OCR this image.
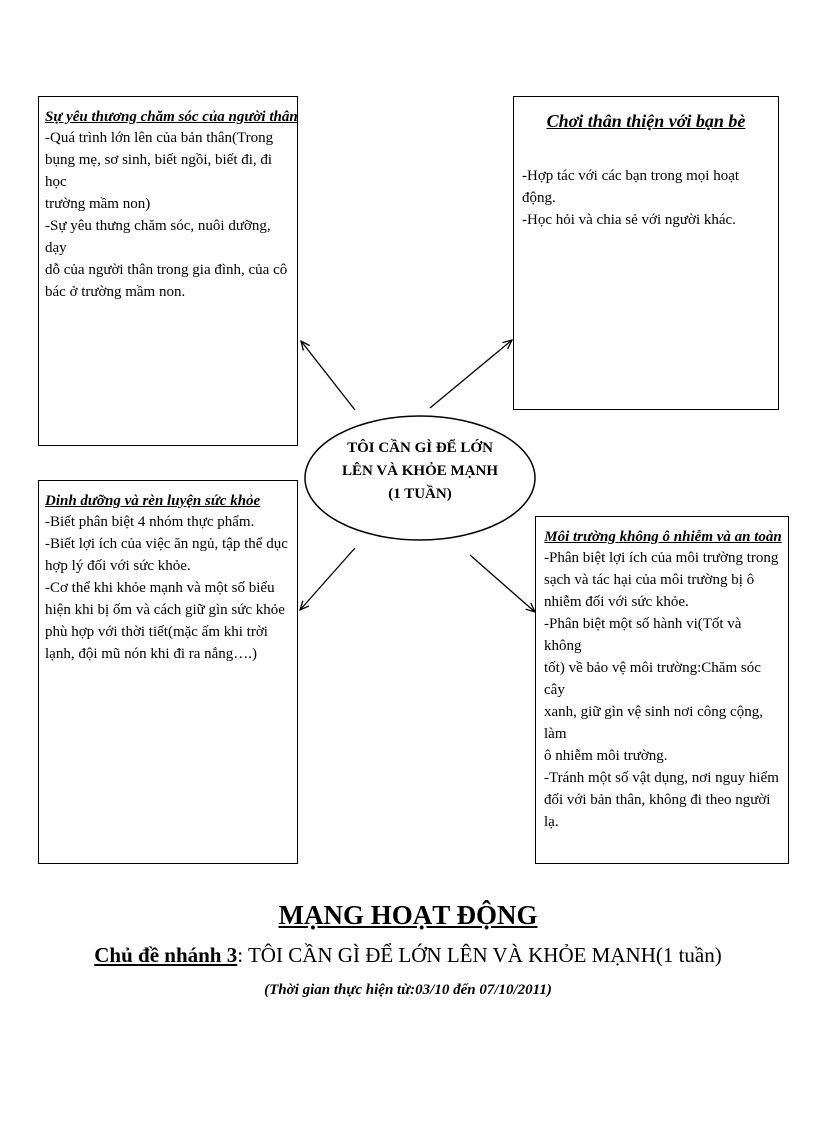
TÔI CẦN GÌ ĐỂ LỚN
LÊN VÀ KHỎE MẠNH
(1 TUẦN)
Sự yêu thương chăm sóc của người thân
-Quá trình lớn lên của bản thân(Trong
bụng mẹ, sơ sinh, biết ngồi, biết đi, đi học
trường mầm non)
-Sự yêu thưng chăm sóc, nuôi dưỡng, dạy
dỗ của người thân trong gia đình, của cô
bác ở trường mầm non.
Chơi thân thiện với bạn bè
-Hợp tác với các bạn trong mọi hoạt động.
-Học hỏi và chia sẻ với người khác.
Dinh dưỡng và rèn luyện sức khỏe
-Biết phân biệt 4 nhóm thực phẩm.
-Biết lợi ích của việc ăn ngủ, tập thể dục
hợp lý đối với sức khỏe.
-Cơ thể khi khỏe mạnh và một số biểu
hiện khi bị ốm và cách giữ gìn sức khỏe
phù hợp với thời tiết(mặc ấm khi trời
lạnh, đội mũ nón khi đi ra nắng….)
Môi trường không ô nhiễm và an toàn
-Phân biệt lợi ích của môi trường trong
sạch và tác hại của môi trường bị ô
nhiễm đối với sức khỏe.
-Phân biệt một số hành vi(Tốt và không
tốt) về bảo vệ môi trường:Chăm sóc cây
xanh, giữ gìn vệ sinh nơi công cộng, làm
ô nhiễm môi trường.
-Tránh một số vật dụng, nơi nguy hiểm
đối với bản thân, không đi theo người lạ.
MẠNG HOẠT ĐỘNG
Chủ đề nhánh 3: TÔI CẦN GÌ ĐỂ LỚN LÊN VÀ KHỎE MẠNH(1 tuần)
(Thời gian thực hiện từ:03/10 đến 07/10/2011)
